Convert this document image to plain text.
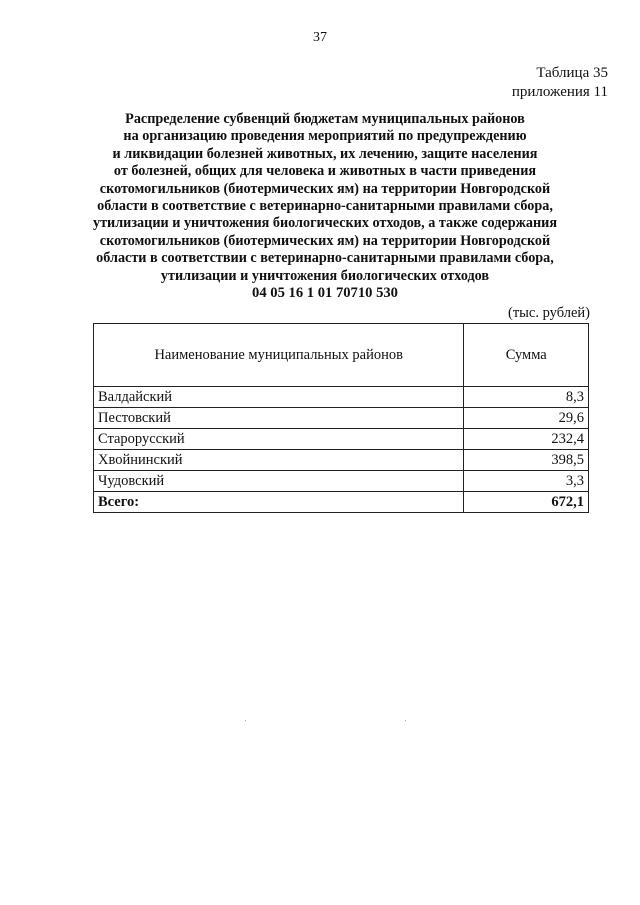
37
Таблица 35
приложения 11
Распределение субвенций бюджетам муниципальных районов
на организацию проведения мероприятий по предупреждению
и ликвидации болезней животных, их лечению, защите населения
от болезней, общих для человека и животных в части приведения
скотомогильников (биотермических ям) на территории Новгородской
области в соответствие с ветеринарно-санитарными правилами сбора,
утилизации и уничтожения биологических отходов, а также содержания
скотомогильников (биотермических ям) на территории Новгородской
области в соответствии с ветеринарно-санитарными правилами сбора,
утилизации и уничтожения биологических отходов
04 05 16 1 01 70710 530
(тыс. рублей)
Наименование муниципальных районов	Сумма
Валдайский	8,3
Пестовский	29,6
Старорусский	232,4
Хвойнинский	398,5
Чудовский	3,3
Всего:	672,1
